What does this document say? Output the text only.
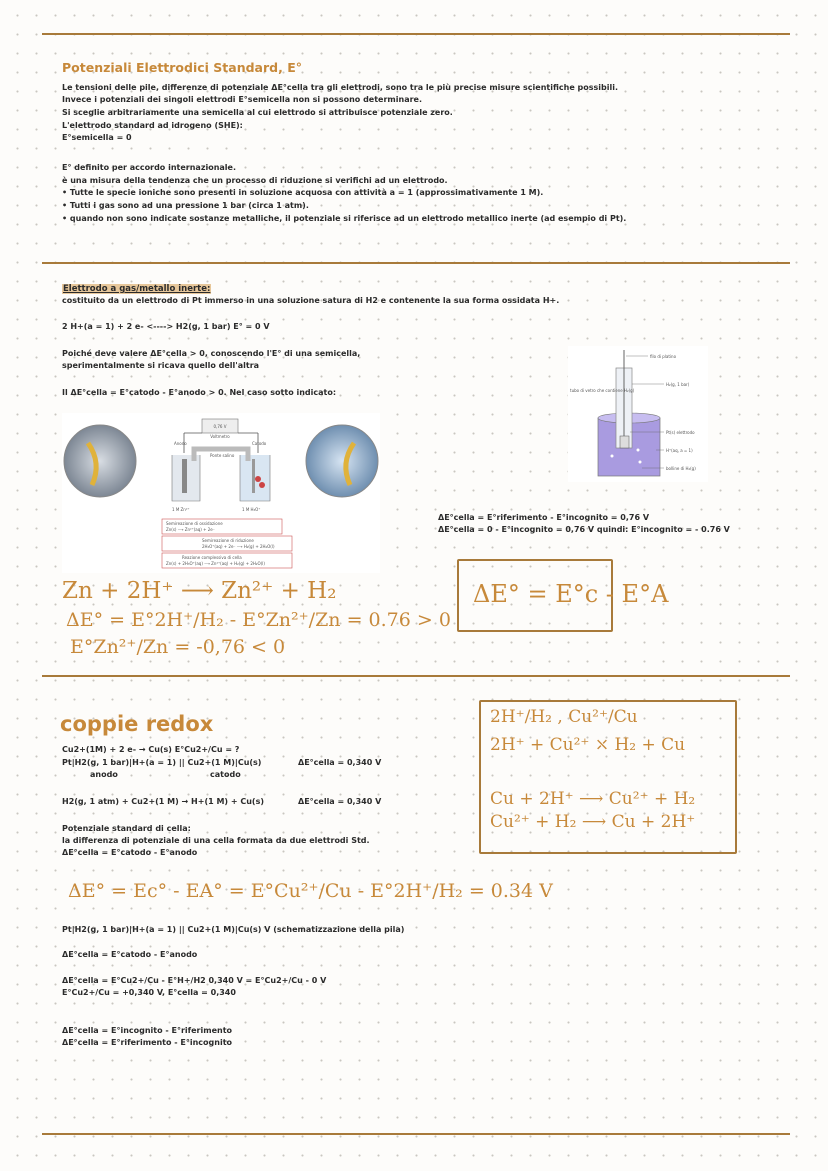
Potenziali Elettrodici Standard, E°
Le tensioni delle pile, differenze di potenziale ΔE°cella tra gli elettrodi, sono tra le più precise misure scientifiche possibili.
Invece i potenziali dei singoli elettrodi E°semicella non si possono determinare.
Si sceglie arbitrariamente una semicella al cui elettrodo si attribuisce potenziale zero.
L'elettrodo standard ad idrogeno (SHE):
E°semicella = 0
E° definito per accordo internazionale.
è una misura della tendenza che un processo di riduzione si verifichi ad un elettrodo.
• Tutte le specie ioniche sono presenti in soluzione acquosa con attività a = 1 (approssimativamente 1 M).
• Tutti i gas sono ad una pressione 1 bar (circa 1 atm).
• quando non sono indicate sostanze metalliche, il potenziale si riferisce ad un elettrodo metallico inerte (ad esempio di Pt).
Elettrodo a gas/metallo inerte:
costituito da un elettrodo di Pt immerso in una soluzione satura di H2 e contenente la sua forma ossidata H+.
2 H+(a = 1) + 2 e- <----> H2(g, 1 bar) E° = 0 V
Poiché deve valere ΔE°cella > 0, conoscendo l'E° di una semicella,
sperimentalmente si ricava quello dell'altra
Il ΔE°cella = E°catodo - E°anodo > 0. Nel caso sotto indicato:
0,76 V
Voltmetro
Anodo	Catodo
Ponte salino
1 M Zn²⁺	1 M H₃O⁺
Semireazione di ossidazione
Zn(s) ⟶ Zn²⁺(aq) + 2e⁻
Semireazione di riduzione
2H₃O⁺(aq) + 2e⁻ ⟶ H₂(g) + 2H₂O(l)
Reazione complessiva di cella
Zn(s) + 2H₃O⁺(aq) ⟶ Zn²⁺(aq) + H₂(g) + 2H₂O(l)
filo di platino
H₂(g, 1 bar)
tubo di vetro che contiene H₂(g)
Pt(s) elettrodo
H⁺(aq, a = 1)
bolline di H₂(g)
ΔE°cella = E°riferimento - E°incognito = 0,76 V
ΔE°cella = 0 - E°incognito = 0,76 V quindi: E°incognito = - 0.76 V
Zn + 2H⁺ ⟶ Zn²⁺ + H₂
ΔE° = E°2H⁺/H₂ - E°Zn²⁺/Zn = 0.76 > 0
E°Zn²⁺/Zn = -0,76 < 0
ΔE° = E°c - E°A
coppie redox
Cu2+(1M) + 2 e- → Cu(s) E°Cu2+/Cu = ?
Pt|H2(g, 1 bar)|H+(a = 1) || Cu2+(1 M)|Cu(s)	ΔE°cella = 0,340 V
anodo	catodo
H2(g, 1 atm) + Cu2+(1 M) → H+(1 M) + Cu(s)	ΔE°cella = 0,340 V
Potenziale standard di cella:
la differenza di potenziale di una cella formata da due elettrodi Std.
ΔE°cella = E°catodo - E°anodo
ΔE° = Ec° - EA° = E°Cu²⁺/Cu - E°2H⁺/H₂ = 0.34 V
Pt|H2(g, 1 bar)|H+(a = 1) || Cu2+(1 M)|Cu(s) V (schematizzazione della pila)
ΔE°cella = E°catodo - E°anodo
ΔE°cella = E°Cu2+/Cu - E°H+/H2 0,340 V = E°Cu2+/Cu - 0 V
E°Cu2+/Cu = +0,340 V, E°cella = 0,340
ΔE°cella = E°incognito - E°riferimento
ΔE°cella = E°riferimento - E°incognito
2H⁺/H₂ , Cu²⁺/Cu
2H⁺ + Cu²⁺ ⤬ H₂ + Cu
Cu + 2H⁺ ⟶ Cu²⁺ + H₂
Cu²⁺ + H₂ ⟶ Cu + 2H⁺
